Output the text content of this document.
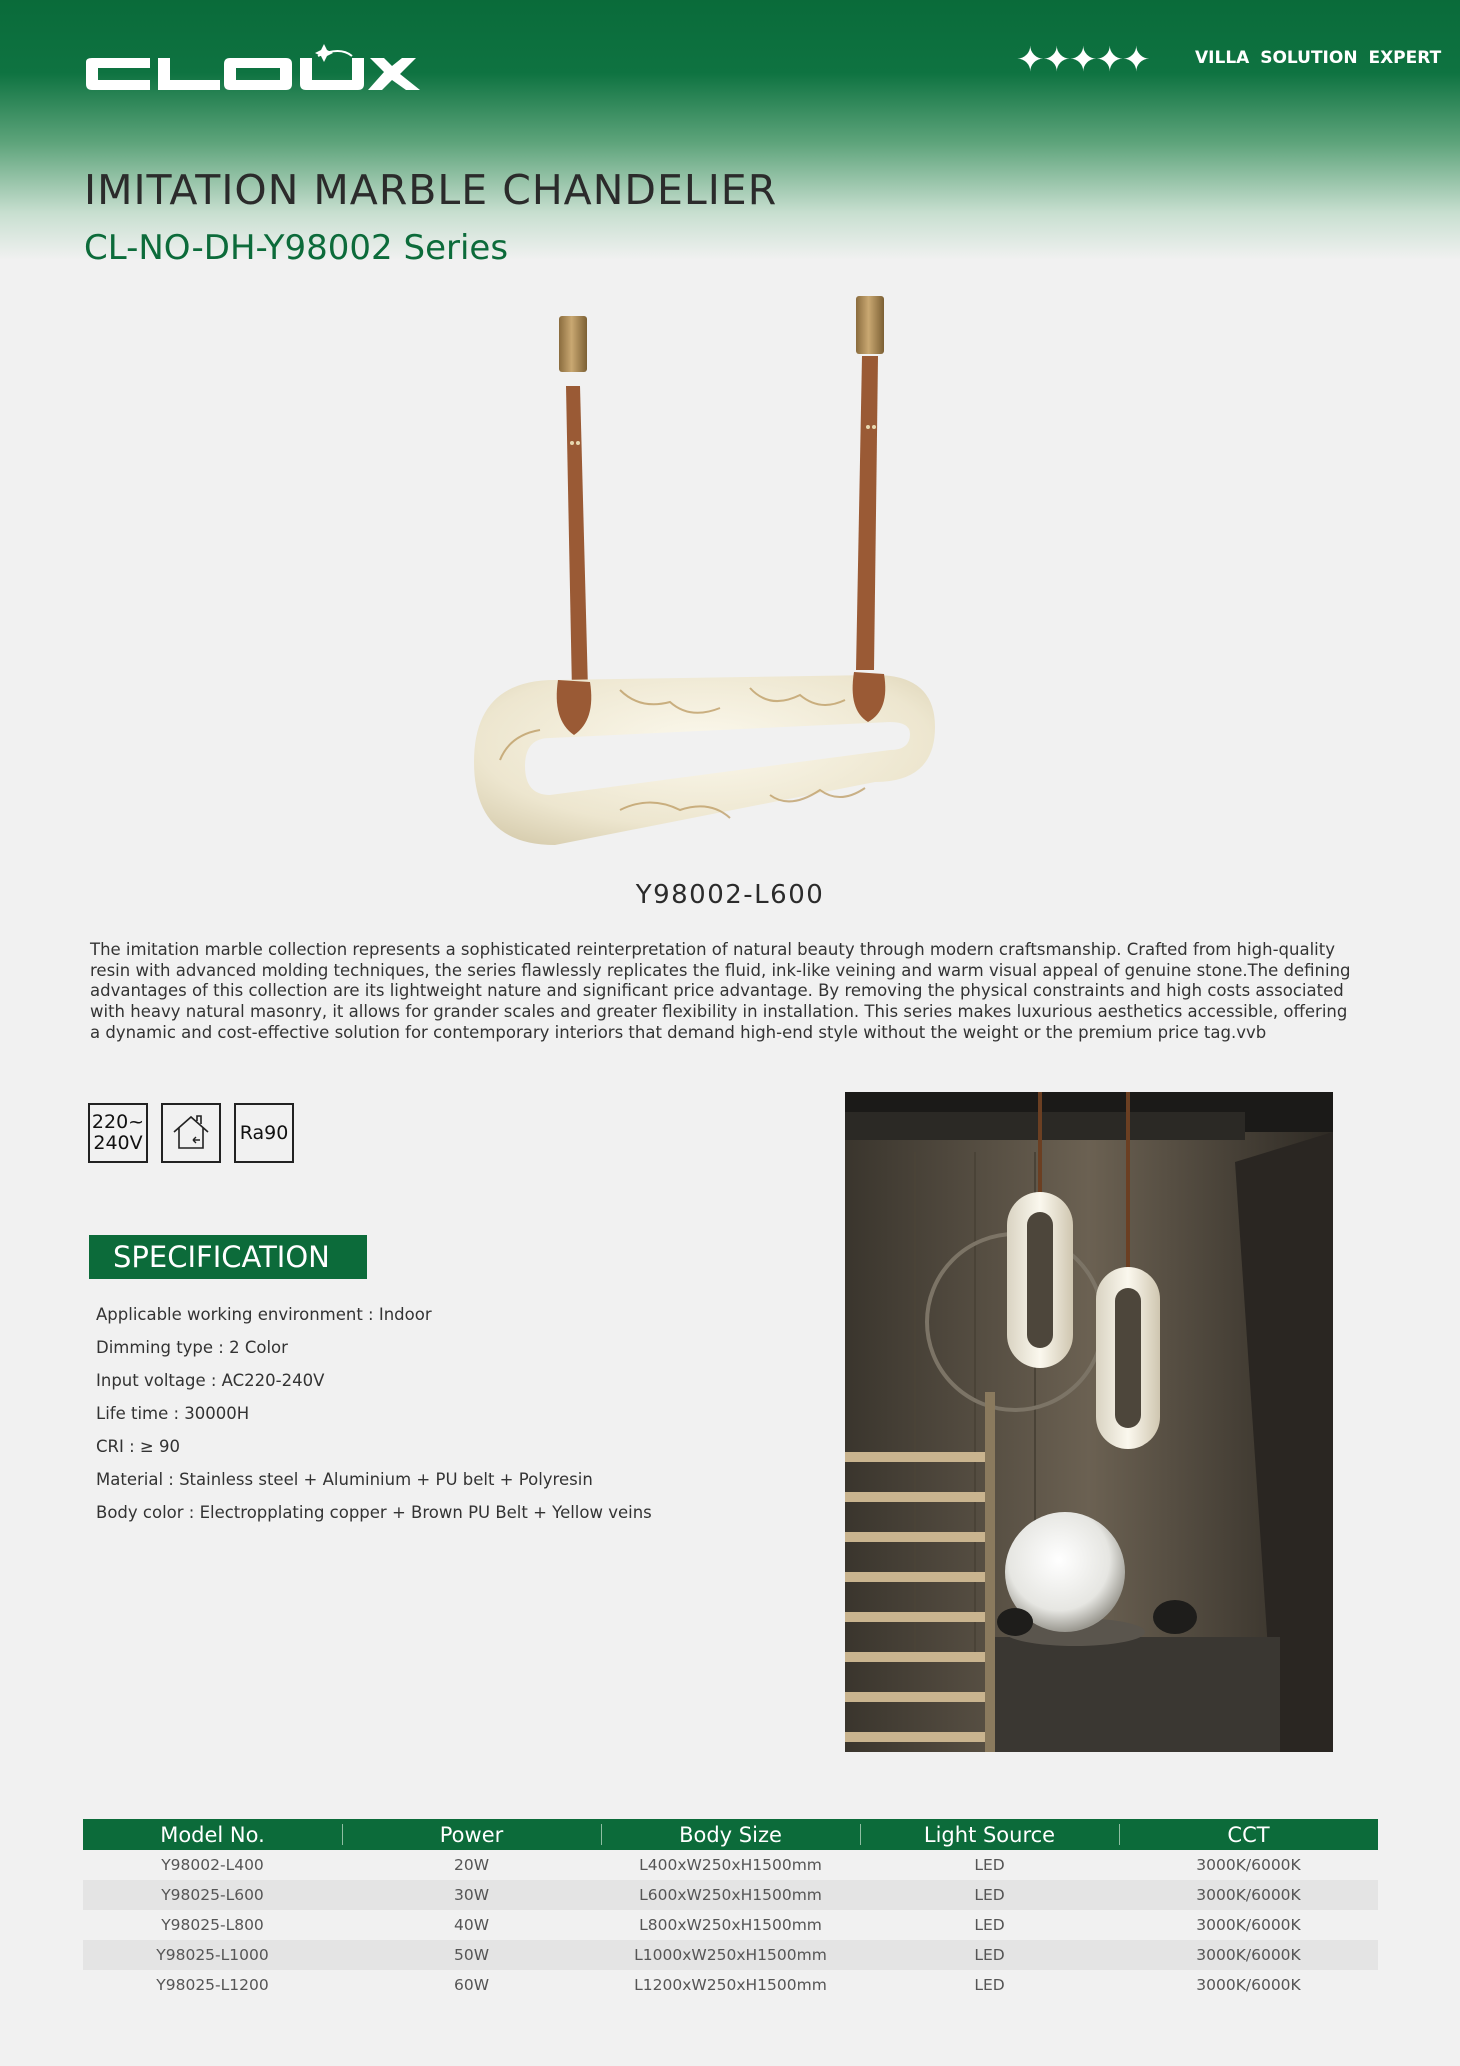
✦✦✦✦✦	VILLA SOLUTION EXPERT
IMITATION MARBLE CHANDELIER
CL-NO-DH-Y98002 Series
Y98002-L600

The imitation marble collection represents a sophisticated reinterpretation of natural beauty through modern craftsmanship. Crafted from high-quality resin with advanced molding techniques, the series flawlessly replicates the fluid, ink-like veining and warm visual appeal of genuine stone.The defining advantages of this collection are its lightweight nature and significant price advantage. By removing the physical constraints and high costs associated with heavy natural masonry, it allows for grander scales and greater flexibility in installation. This series makes luxurious aesthetics accessible, offering a dynamic and cost-effective solution for contemporary interiors that demand high-end style without the weight or the premium price tag.vvb

220~
240V	Ra90
SPECIFICATION
Applicable working environment : Indoor
Dimming type : 2 Color
Input voltage : AC220-240V
Life time : 30000H
CRI : ≥ 90
Material : Stainless steel + Aluminium + PU belt + Polyresin
Body color : Electropplating copper + Brown PU Belt + Yellow veins
Model No.	Power	Body Size	Light Source	CCT
Y98002-L400	20W	L400xW250xH1500mm	LED	3000K/6000K
Y98025-L600	30W	L600xW250xH1500mm	LED	3000K/6000K
Y98025-L800	40W	L800xW250xH1500mm	LED	3000K/6000K
Y98025-L1000	50W	L1000xW250xH1500mm	LED	3000K/6000K
Y98025-L1200	60W	L1200xW250xH1500mm	LED	3000K/6000K
